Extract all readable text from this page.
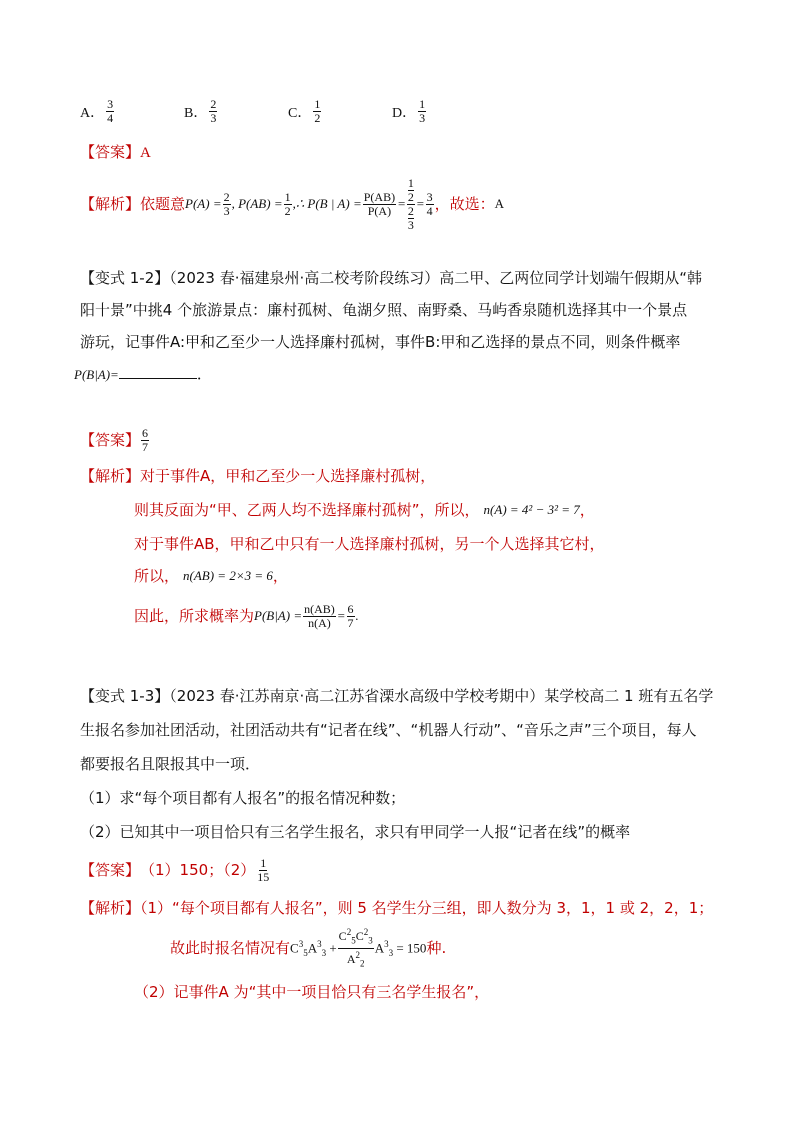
A． $\frac{3}{4}$	B． $\frac{2}{3}$	C． $\frac{1}{2}$	D． $\frac{1}{3}$
【答案】A
【解析】 依题意 $P(A) = \frac{2}{3}$ , $P(AB) = \frac{1}{2}$ ,∴ P(B | $A) = \frac{P(AB)}{P(A)} = 1$
2
2
$3 = \frac{3}{4}$ ，故选： A
【变式 1-2】（2023 春·福建泉州·高二校考阶段练习）高二甲、乙两位同学计划端午假期从“韩
阳十景”中挑4 个旅游景点：廉村孤树、龟湖夕照、南野桑、马屿香泉随机选择其中一个景点
游玩，记事件A:甲和乙至少一人选择廉村孤树，事件B:甲和乙选择的景点不同，则条件概率
P(B|A)=	．
【答案】 $\frac{6}{7}$
【解析】对于事件A，甲和乙至少一人选择廉村孤树，
则其反面为“甲、乙两人均不选择廉村孤树”，所以， n(A) = 4² − 3² = 7 ，
对于事件AB，甲和乙中只有一人选择廉村孤树，另一个人选择其它村，
所以， n(AB) = 2×3 = 6 ，
因此，所求概率为 $P(B|A) = \frac{n(AB)}{n(A)} = \frac{6}{7}$ .
【变式 1-3】（2023 春·江苏南京·高二江苏省溧水高级中学校考期中）某学校高二 1 班有五名学
生报名参加社团活动，社团活动共有“记者在线”、“机器人行动”、“音乐之声”三个项目，每人
都要报名且限报其中一项．
（1）求“每个项目都有人报名”的报名情况种数；
（2）已知其中一项目恰只有三名学生报名，求只有甲同学一人报“记者在线”的概率
【答案】 （1）150；$(2) \frac{1}{15}$
【解析】（1）“每个项目都有人报名”，则 5 名学生分三组，即人数分为 3，1，1 或 2，2，1；
故此时报名情况有 $C^3_5A^3_3 + \frac{C^2_5C^2_3}{A^2_2} A^3_3 = 150$ 种.
（2）记事件A 为“其中一项目恰只有三名学生报名”，
